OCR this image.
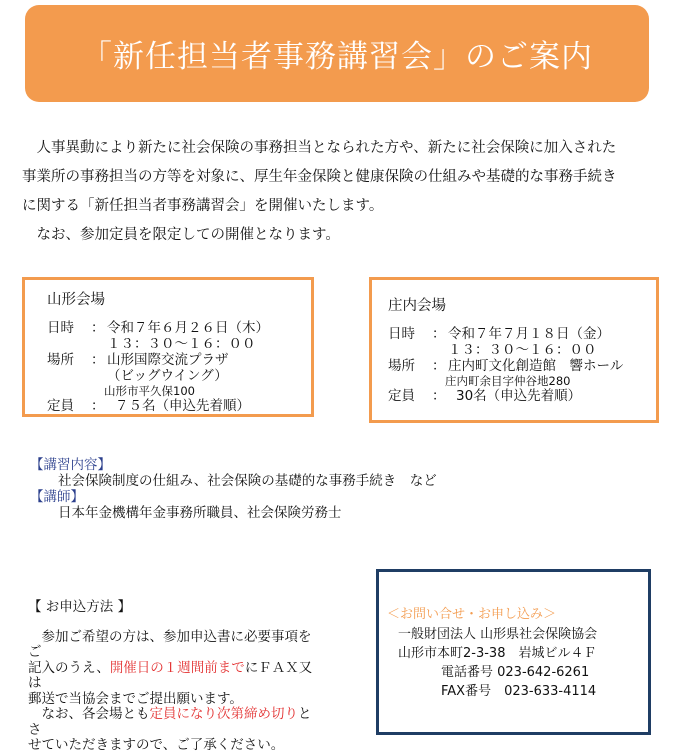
「新任担当者事務講習会」のご案内

　人事異動により新たに社会保険の事務担当となられた方や、新たに社会保険に加入された

事業所の事務担当の方等を対象に、厚生年金保険と健康保険の仕組みや基礎的な事務手続き

に関する「新任担当者事務講習会」を開催いたします。

　なお、参加定員を限定しての開催となります。

山形会場
日時	： 令和７年６月２６日（木）
１３：３０〜１６：００
場所	： 山形国際交流プラザ
（ビッグウイング）
山形市平久保100
定員	： ７５名（申込先着順）
庄内会場
日時	： 令和７年７月１８日（金）
１３：３０〜１６：００
場所	： 庄内町文化創造館　響ホール
庄内町余目字仲谷地280
定員	： 30名（申込先着順）
【講習内容】
社会保険制度の仕組み、社会保険の基礎的な事務手続き　など
【講師】
日本年金機構年金事務所職員、社会保険労務士
【 お申込方法 】
　参加ご希望の方は、参加申込書に必要事項をご
記入のうえ、開催日の１週間前までにＦＡＸ又は
郵送で当協会までご提出願います。
　なお、各会場とも定員になり次第締め切りとさ
せていただきますので、ご了承ください。
＜お問い合せ・お申し込み＞
一般財団法人 山形県社会保険協会
山形市本町2-3-38　岩城ビル４Ｆ
電話番号 023-642-6261
FAX番号　023-633-4114
